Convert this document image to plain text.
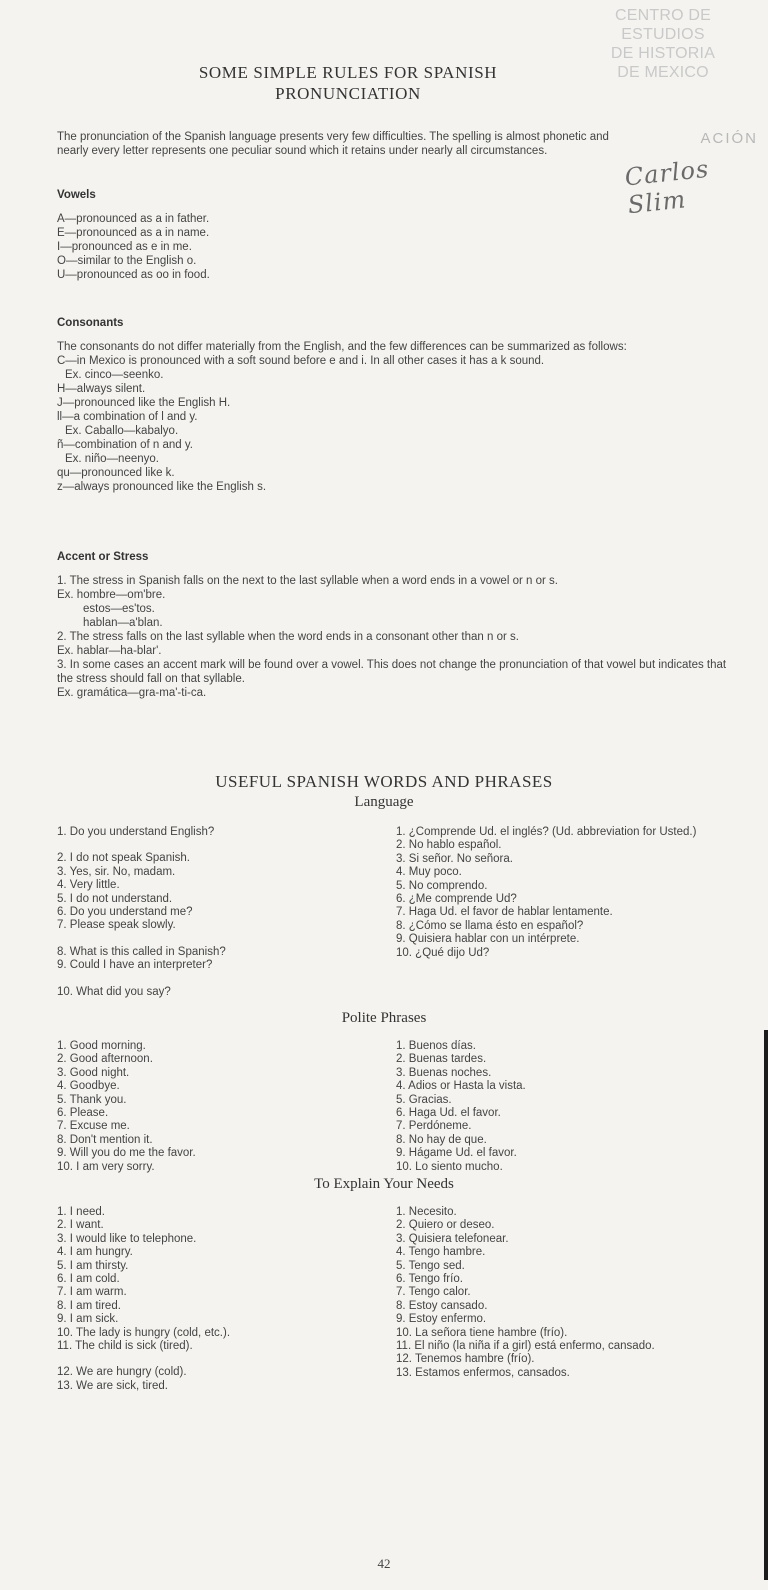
CENTRO DE
ESTUDIOS
DE HISTORIA
DE MEXICO
ACIÓN
Carlos Slim
SOME SIMPLE RULES FOR SPANISH
PRONUNCIATION

The pronunciation of the Spanish language presents very few difficulties. The spelling is almost phonetic and nearly every letter represents one peculiar sound which it retains under nearly all circumstances.

Vowels

A—pronounced as a in father.

E—pronounced as a in name.

I—pronounced as e in me.

O—similar to the English o.

U—pronounced as oo in food.

Consonants

The consonants do not differ materially from the English, and the few differences can be summarized as follows:

C—in Mexico is pronounced with a soft sound before e and i. In all other cases it has a k sound.

Ex. cinco—seenko.

H—always silent.

J—pronounced like the English H.

ll—a combination of l and y.

Ex. Caballo—kabalyo.

ñ—combination of n and y.

Ex. niño—neenyo.

qu—pronounced like k.

z—always pronounced like the English s.

Accent or Stress

1. The stress in Spanish falls on the next to the last syllable when a word ends in a vowel or n or s.

Ex. hombre—om'bre.

estos—es'tos.

hablan—a'blan.

2. The stress falls on the last syllable when the word ends in a consonant other than n or s.

Ex. hablar—ha-blar'.

3. In some cases an accent mark will be found over a vowel. This does not change the pronunciation of that vowel but indicates that the stress should fall on that syllable.

Ex. gramática—gra-ma'-ti-ca.

USEFUL SPANISH WORDS AND PHRASES
Language
1. Do you understand English?
2. I do not speak Spanish.
3. Yes, sir. No, madam.
4. Very little.
5. I do not understand.
6. Do you understand me?
7. Please speak slowly.
8. What is this called in Spanish?
9. Could I have an interpreter?
10. What did you say?
1. ¿Comprende Ud. el inglés? (Ud. abbreviation for Usted.)
2. No hablo español.
3. Si señor. No señora.
4. Muy poco.
5. No comprendo.
6. ¿Me comprende Ud?
7. Haga Ud. el favor de hablar lentamente.
8. ¿Cómo se llama ésto en español?
9. Quisiera hablar con un intérprete.
10. ¿Qué dijo Ud?
Polite Phrases
1. Good morning.
2. Good afternoon.
3. Good night.
4. Goodbye.
5. Thank you.
6. Please.
7. Excuse me.
8. Don't mention it.
9. Will you do me the favor.
10. I am very sorry.
1. Buenos días.
2. Buenas tardes.
3. Buenas noches.
4. Adios or Hasta la vista.
5. Gracias.
6. Haga Ud. el favor.
7. Perdóneme.
8. No hay de que.
9. Hágame Ud. el favor.
10. Lo siento mucho.
To Explain Your Needs
1. I need.
2. I want.
3. I would like to telephone.
4. I am hungry.
5. I am thirsty.
6. I am cold.
7. I am warm.
8. I am tired.
9. I am sick.
10. The lady is hungry (cold, etc.).
11. The child is sick (tired).
12. We are hungry (cold).
13. We are sick, tired.
1. Necesito.
2. Quiero or deseo.
3. Quisiera telefonear.
4. Tengo hambre.
5. Tengo sed.
6. Tengo frío.
7. Tengo calor.
8. Estoy cansado.
9. Estoy enfermo.
10. La señora tiene hambre (frío).
11. El niño (la niña if a girl) está enfermo, cansado.
12. Tenemos hambre (frío).
13. Estamos enfermos, cansados.
42
